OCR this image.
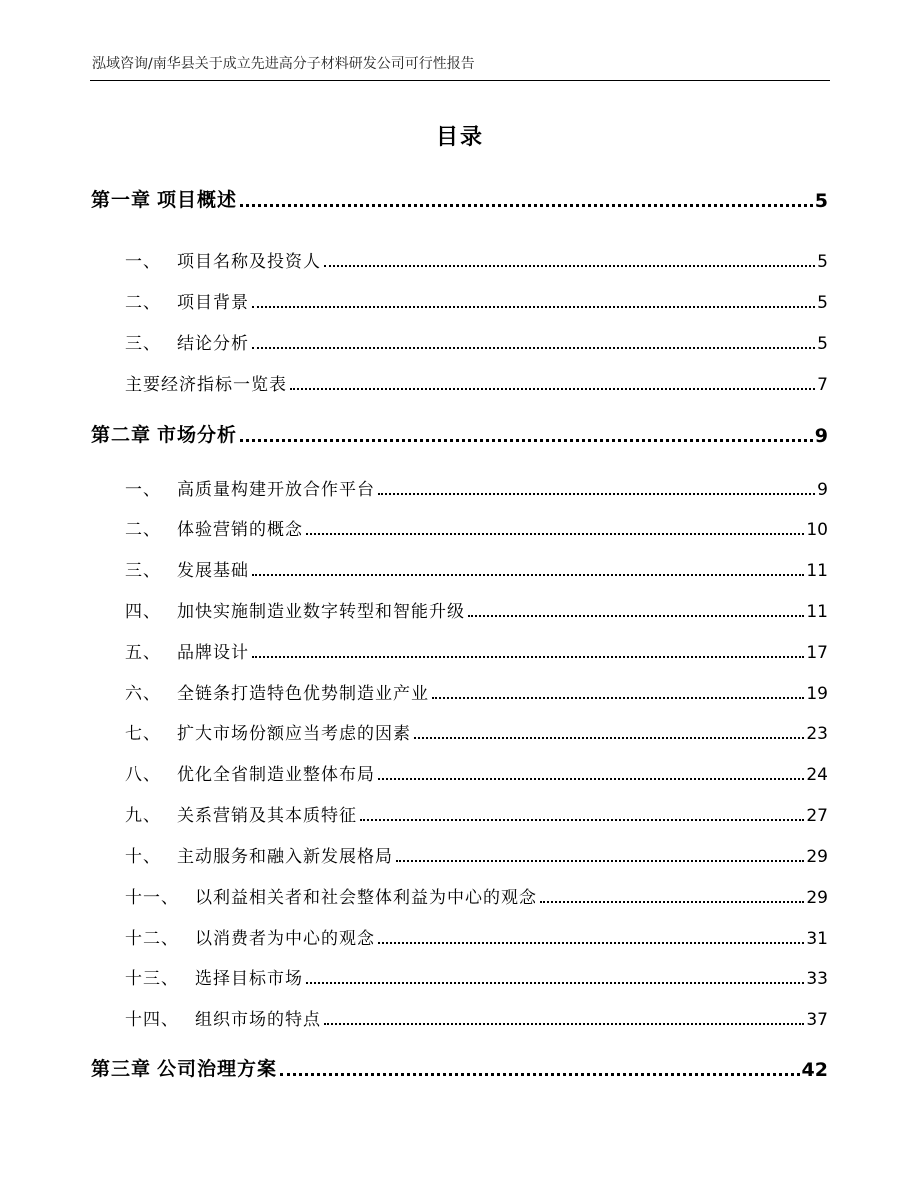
泓域咨询/南华县关于成立先进高分子材料研发公司可行性报告
目录
第一章 项目概述	5
一、 项目名称及投资人	5
二、 项目背景	5
三、 结论分析	5
主要经济指标一览表	7
第二章 市场分析	9
一、 高质量构建开放合作平台	9
二、 体验营销的概念	10
三、 发展基础	11
四、 加快实施制造业数字转型和智能升级	11
五、 品牌设计	17
六、 全链条打造特色优势制造业产业	19
七、 扩大市场份额应当考虑的因素	23
八、 优化全省制造业整体布局	24
九、 关系营销及其本质特征	27
十、 主动服务和融入新发展格局	29
十一、 以利益相关者和社会整体利益为中心的观念	29
十二、 以消费者为中心的观念	31
十三、 选择目标市场	33
十四、 组织市场的特点	37
第三章 公司治理方案	42
